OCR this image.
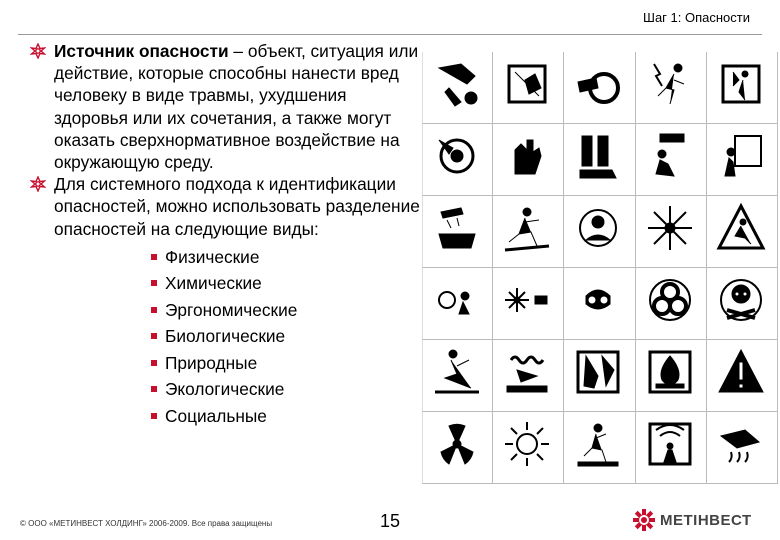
Шаг 1: Опасности
Источник опасности – объект, ситуация или действие, которые способны нанести вред человеку в виде травмы, ухудшения здоровья или их сочетания, а также могут оказать сверхнормативное воздействие на окружающую среду.
Для системного подхода к идентификации опасностей, можно использовать разделение опасностей на следующие виды:
Физические
Химические
Эргономические
Биологические
Природные
Экологические
Социальные
© ООО «МЕТИНВЕСТ ХОЛДИНГ» 2006-2009. Все права защищены	15	МЕТІНВЕСТ
